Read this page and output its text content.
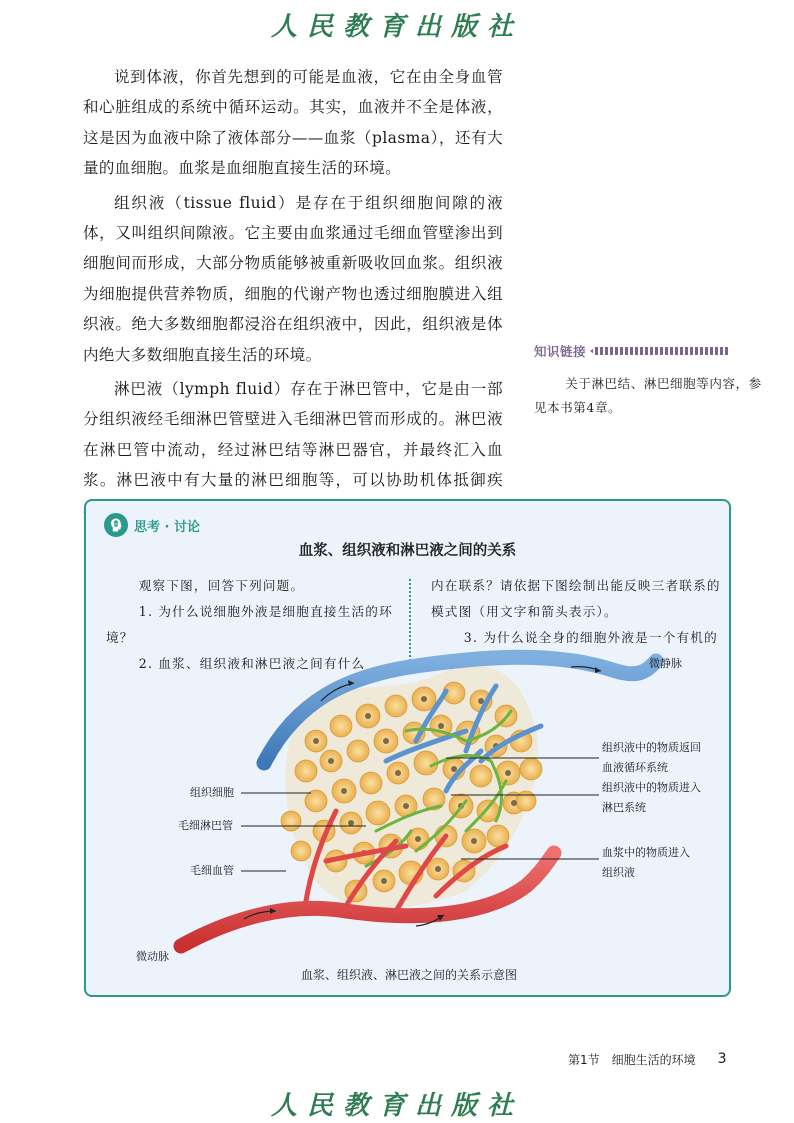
人民教育出版社

说到体液，你首先想到的可能是血液，它在由全身血管和心脏组成的系统中循环运动。其实，血液并不全是体液，这是因为血液中除了液体部分——血浆（plasma），还有大量的血细胞。血浆是血细胞直接生活的环境。

组织液（tissue fluid）是存在于组织细胞间隙的液体，又叫组织间隙液。它主要由血浆通过毛细血管壁渗出到细胞间而形成，大部分物质能够被重新吸收回血浆。组织液为细胞提供营养物质，细胞的代谢产物也透过细胞膜进入组织液。绝大多数细胞都浸浴在组织液中，因此，组织液是体内绝大多数细胞直接生活的环境。

淋巴液（lymph fluid）存在于淋巴管中，它是由一部分组织液经毛细淋巴管壁进入毛细淋巴管而形成的。淋巴液在淋巴管中流动，经过淋巴结等淋巴器官，并最终汇入血浆。淋巴液中有大量的淋巴细胞等，可以协助机体抵御疾

知识链接
关于淋巴结、淋巴细胞等内容，参见本书第4章。
思考 · 讨论
血浆、组织液和淋巴液之间的关系
观察下图，回答下列问题。
1. 为什么说细胞外液是细胞直接生活的环境？
2. 血浆、组织液和淋巴液之间有什么
内在联系？请依据下图绘制出能反映三者联系的模式图（用文字和箭头表示）。
3. 为什么说全身的细胞外液是一个有机的整体？	微静脉
组织液中的物质返回
血液循环系统
组织液中的物质进入
淋巴系统
血浆中的物质进入
组织液
组织细胞
毛细淋巴管
毛细血管
微动脉
血浆、组织液、淋巴液之间的关系示意图
第1节 细胞生活的环境 3
人民教育出版社
